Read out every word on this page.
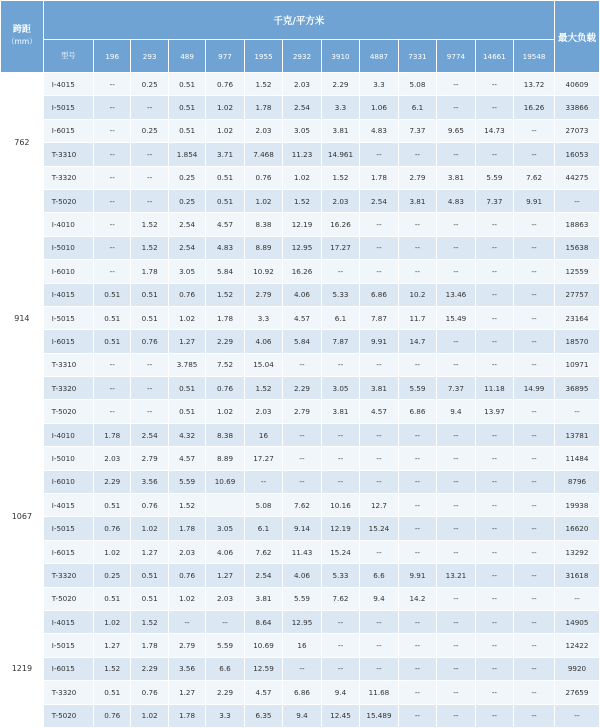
跨距
（mm）	千克/平方米													最大负载
	型号	196	293	489	977	1955	2932	3910	4887	7331	9774	14661	19548	
762	I-4015	--	0.25	0.51	0.76	1.52	2.03	2.29	3.3	5.08	--	--	13.72	40609
	I-5015	--	--	0.51	1.02	1.78	2.54	3.3	1.06	6.1	--	--	16.26	33866
	I-6015	--	0.25	0.51	1.02	2.03	3.05	3.81	4.83	7.37	9.65	14.73	--	27073
	T-3310	--	--	1.854	3.71	7.468	11.23	14.961	--	--	--	--	--	16053
	T-3320	--	--	0.25	0.51	0.76	1.02	1.52	1.78	2.79	3.81	5.59	7.62	44275
	T-5020	--	--	0.25	0.51	1.02	1.52	2.03	2.54	3.81	4.83	7.37	9.91	--
914	I-4010	--	1.52	2.54	4.57	8.38	12.19	16.26	--	--	--	--	--	18863
	I-5010	--	1.52	2.54	4.83	8.89	12.95	17.27	--	--	--	--	--	15638
	I-6010	--	1.78	3.05	5.84	10.92	16.26	--	--	--	--	--	--	12559
	I-4015	0.51	0.51	0.76	1.52	2.79	4.06	5.33	6.86	10.2	13.46	--	--	27757
	I-5015	0.51	0.51	1.02	1.78	3.3	4.57	6.1	7.87	11.7	15.49	--	--	23164
	I-6015	0.51	0.76	1.27	2.29	4.06	5.84	7.87	9.91	14.7	--	--	--	18570
	T-3310	--	--	3.785	7.52	15.04	--	--	--	--	--	--	--	10971
	T-3320	--	--	0.51	0.76	1.52	2.29	3.05	3.81	5.59	7.37	11.18	14.99	36895
	T-5020	--	--	0.51	1.02	2.03	2.79	3.81	4.57	6.86	9.4	13.97	--	--
1067	I-4010	1.78	2.54	4.32	8.38	16	--	--	--	--	--	--	--	13781
	I-5010	2.03	2.79	4.57	8.89	17.27	--	--	--	--	--	--	--	11484
	I-6010	2.29	3.56	5.59	10.69	--	--	--	--	--	--	--	--	8796
	I-4015	0.51	0.76	1.52		5.08	7.62	10.16	12.7	--	--	--	--	19938
	I-5015	0.76	1.02	1.78	3.05	6.1	9.14	12.19	15.24	--	--	--	--	16620
	I-6015	1.02	1.27	2.03	4.06	7.62	11.43	15.24	--	--	--	--	--	13292
	T-3320	0.25	0.51	0.76	1.27	2.54	4.06	5.33	6.6	9.91	13.21	--	--	31618
	T-5020	0.51	0.51	1.02	2.03	3.81	5.59	7.62	9.4	14.2	--	--	--	--
1219	I-4015	1.02	1.52	--	--	8.64	12.95	--	--	--	--	--	--	14905
	I-5015	1.27	1.78	2.79	5.59	10.69	16	--	--	--	--	--	--	12422
	I-6015	1.52	2.29	3.56	6.6	12.59	--	--	--	--	--	--	--	9920
	T-3320	0.51	0.76	1.27	2.29	4.57	6.86	9.4	11.68	--	--	--	--	27659
	T-5020	0.76	1.02	1.78	3.3	6.35	9.4	12.45	15.489	--	--	--	--	--
